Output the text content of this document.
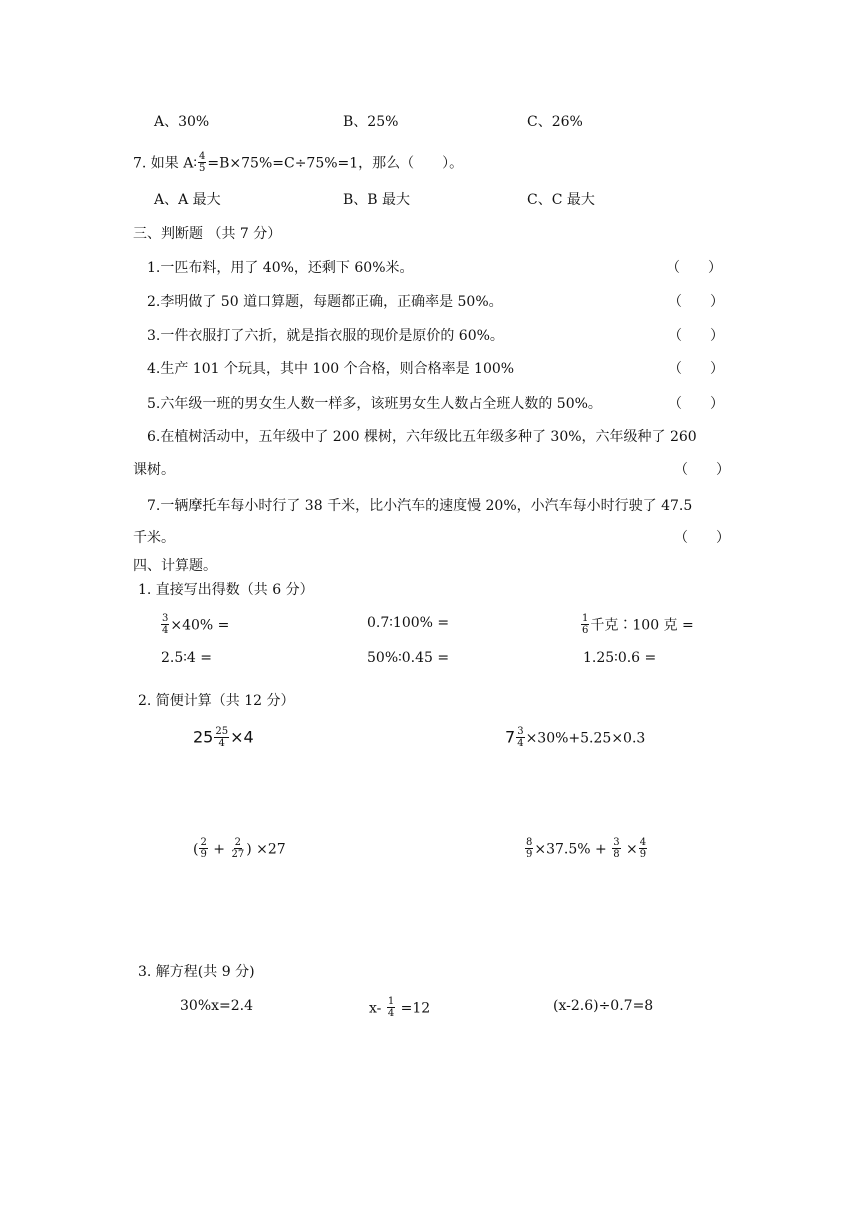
A、30%	B、25%	C、26%
7. 如果 A∶ $\frac{4}{5} =B\times 75\%=C\div 75\%=1$，那么（　　）。
A、A 最大	B、B 最大	C、C 最大
三、判断题 （共 7 分）
1.一匹布料，用了 40%，还剩下 60%米。	（　　）
2.李明做了 50 道口算题，每题都正确，正确率是 50%。	（　　）
3.一件衣服打了六折，就是指衣服的现价是原价的 60%。	（　　）
4.生产 101 个玩具，其中 100 个合格，则合格率是 100%	（　　）
5.六年级一班的男女生人数一样多，该班男女生人数占全班人数的 50%。	（　　）
6.在植树活动中，五年级中了 200 棵树，六年级比五年级多种了 30%，六年级种了 260
课树。	（　　）
7.一辆摩托车每小时行了 38 千米，比小汽车的速度慢 20%，小汽车每小时行驶了 47.5
千米。	（　　）
四、计算题。
1. 直接写出得数（共 6 分）
$\frac{3}{4} \times 40\%$ =	0.7∶100% =	$\frac{1}{6}$ 千克∶100 克 =
2.5∶4 =	50%∶0.45 =	1.25∶0.6 =
2. 简便计算（共 12 分）
$25 \frac{25}{4} \times 4$	$7 \frac{3}{4} \times 30\%+5.25\times 0.3$
( $\frac{2}{9} + \frac{2}{27}$ ) ×27	$\frac{8}{9} \times 37.5\% + \frac{3}{8} \times \frac{4}{9}$
3. 解方程(共 9 分)
30%x=2.4	$x- \frac{1}{4} =12$	(x-2.6)÷0.7=8
